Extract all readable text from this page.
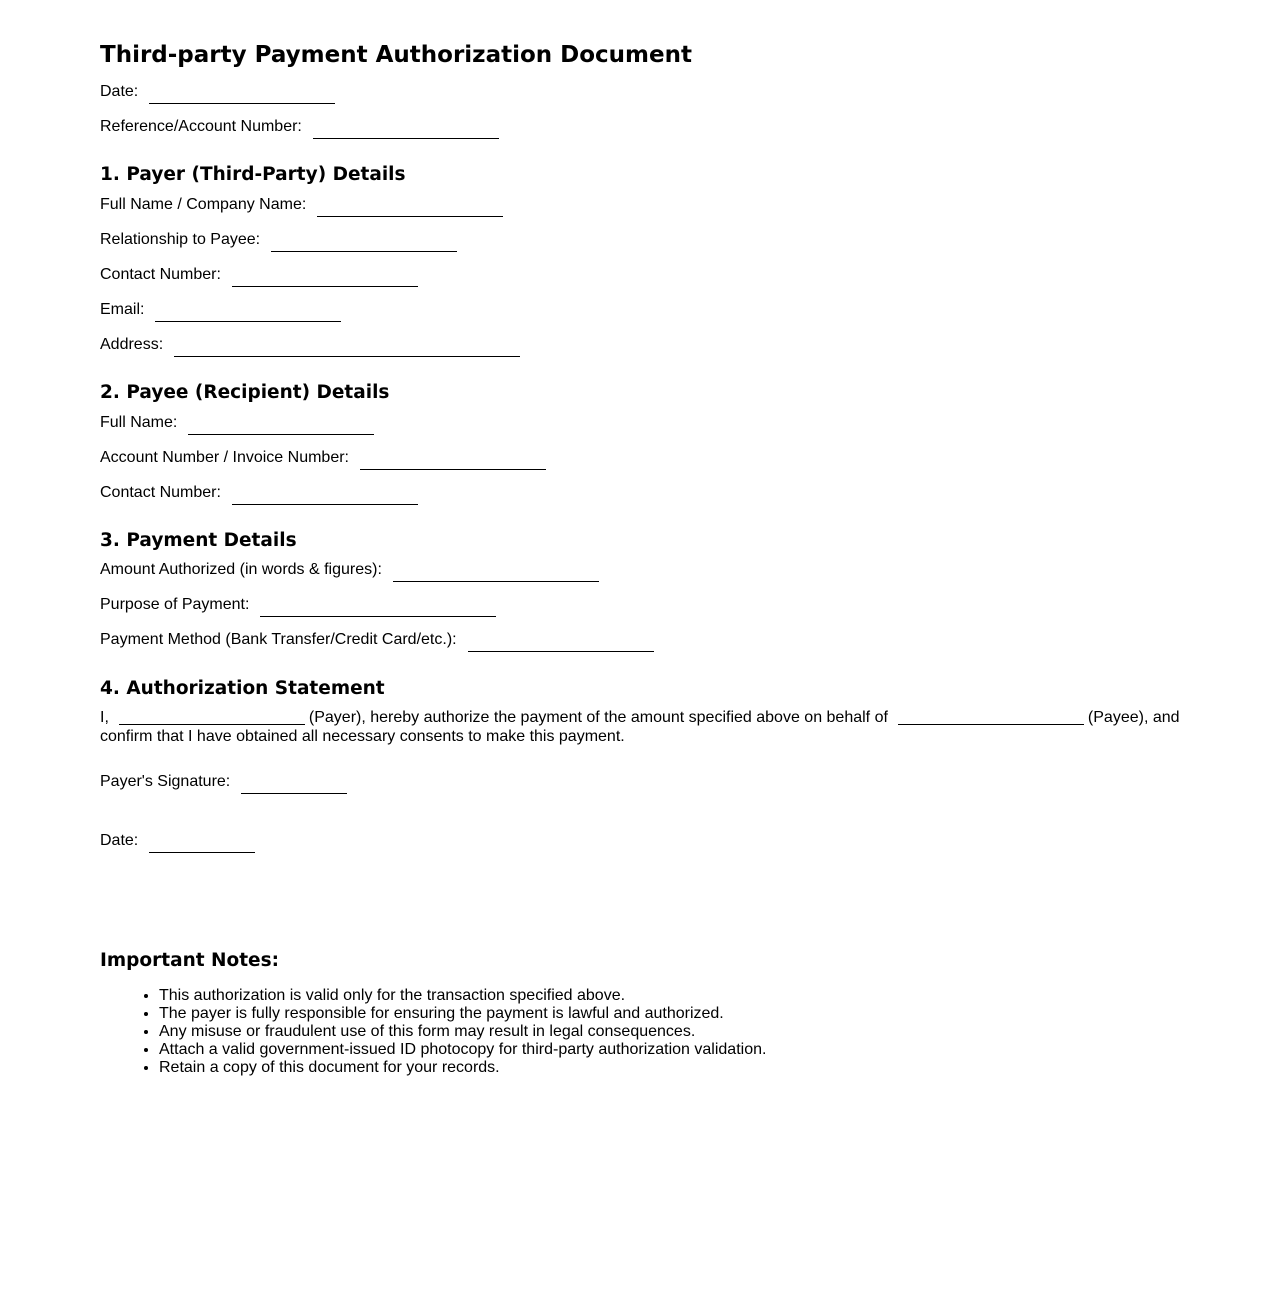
Third-party Payment Authorization Document
Date:
Reference/Account Number:
1. Payer (Third-Party) Details
Full Name / Company Name:
Relationship to Payee:
Contact Number:
Email:
Address:
2. Payee (Recipient) Details
Full Name:
Account Number / Invoice Number:
Contact Number:
3. Payment Details
Amount Authorized (in words & figures):
Purpose of Payment:
Payment Method (Bank Transfer/Credit Card/etc.):
4. Authorization Statement
I,	(Payer), hereby authorize the payment of the amount specified above on behalf of	(Payee), and confirm that I have obtained all necessary consents to make this payment.
Payer's Signature:
Date:
Important Notes:
• This authorization is valid only for the transaction specified above.
• The payer is fully responsible for ensuring the payment is lawful and authorized.
• Any misuse or fraudulent use of this form may result in legal consequences.
• Attach a valid government-issued ID photocopy for third-party authorization validation.
• Retain a copy of this document for your records.
